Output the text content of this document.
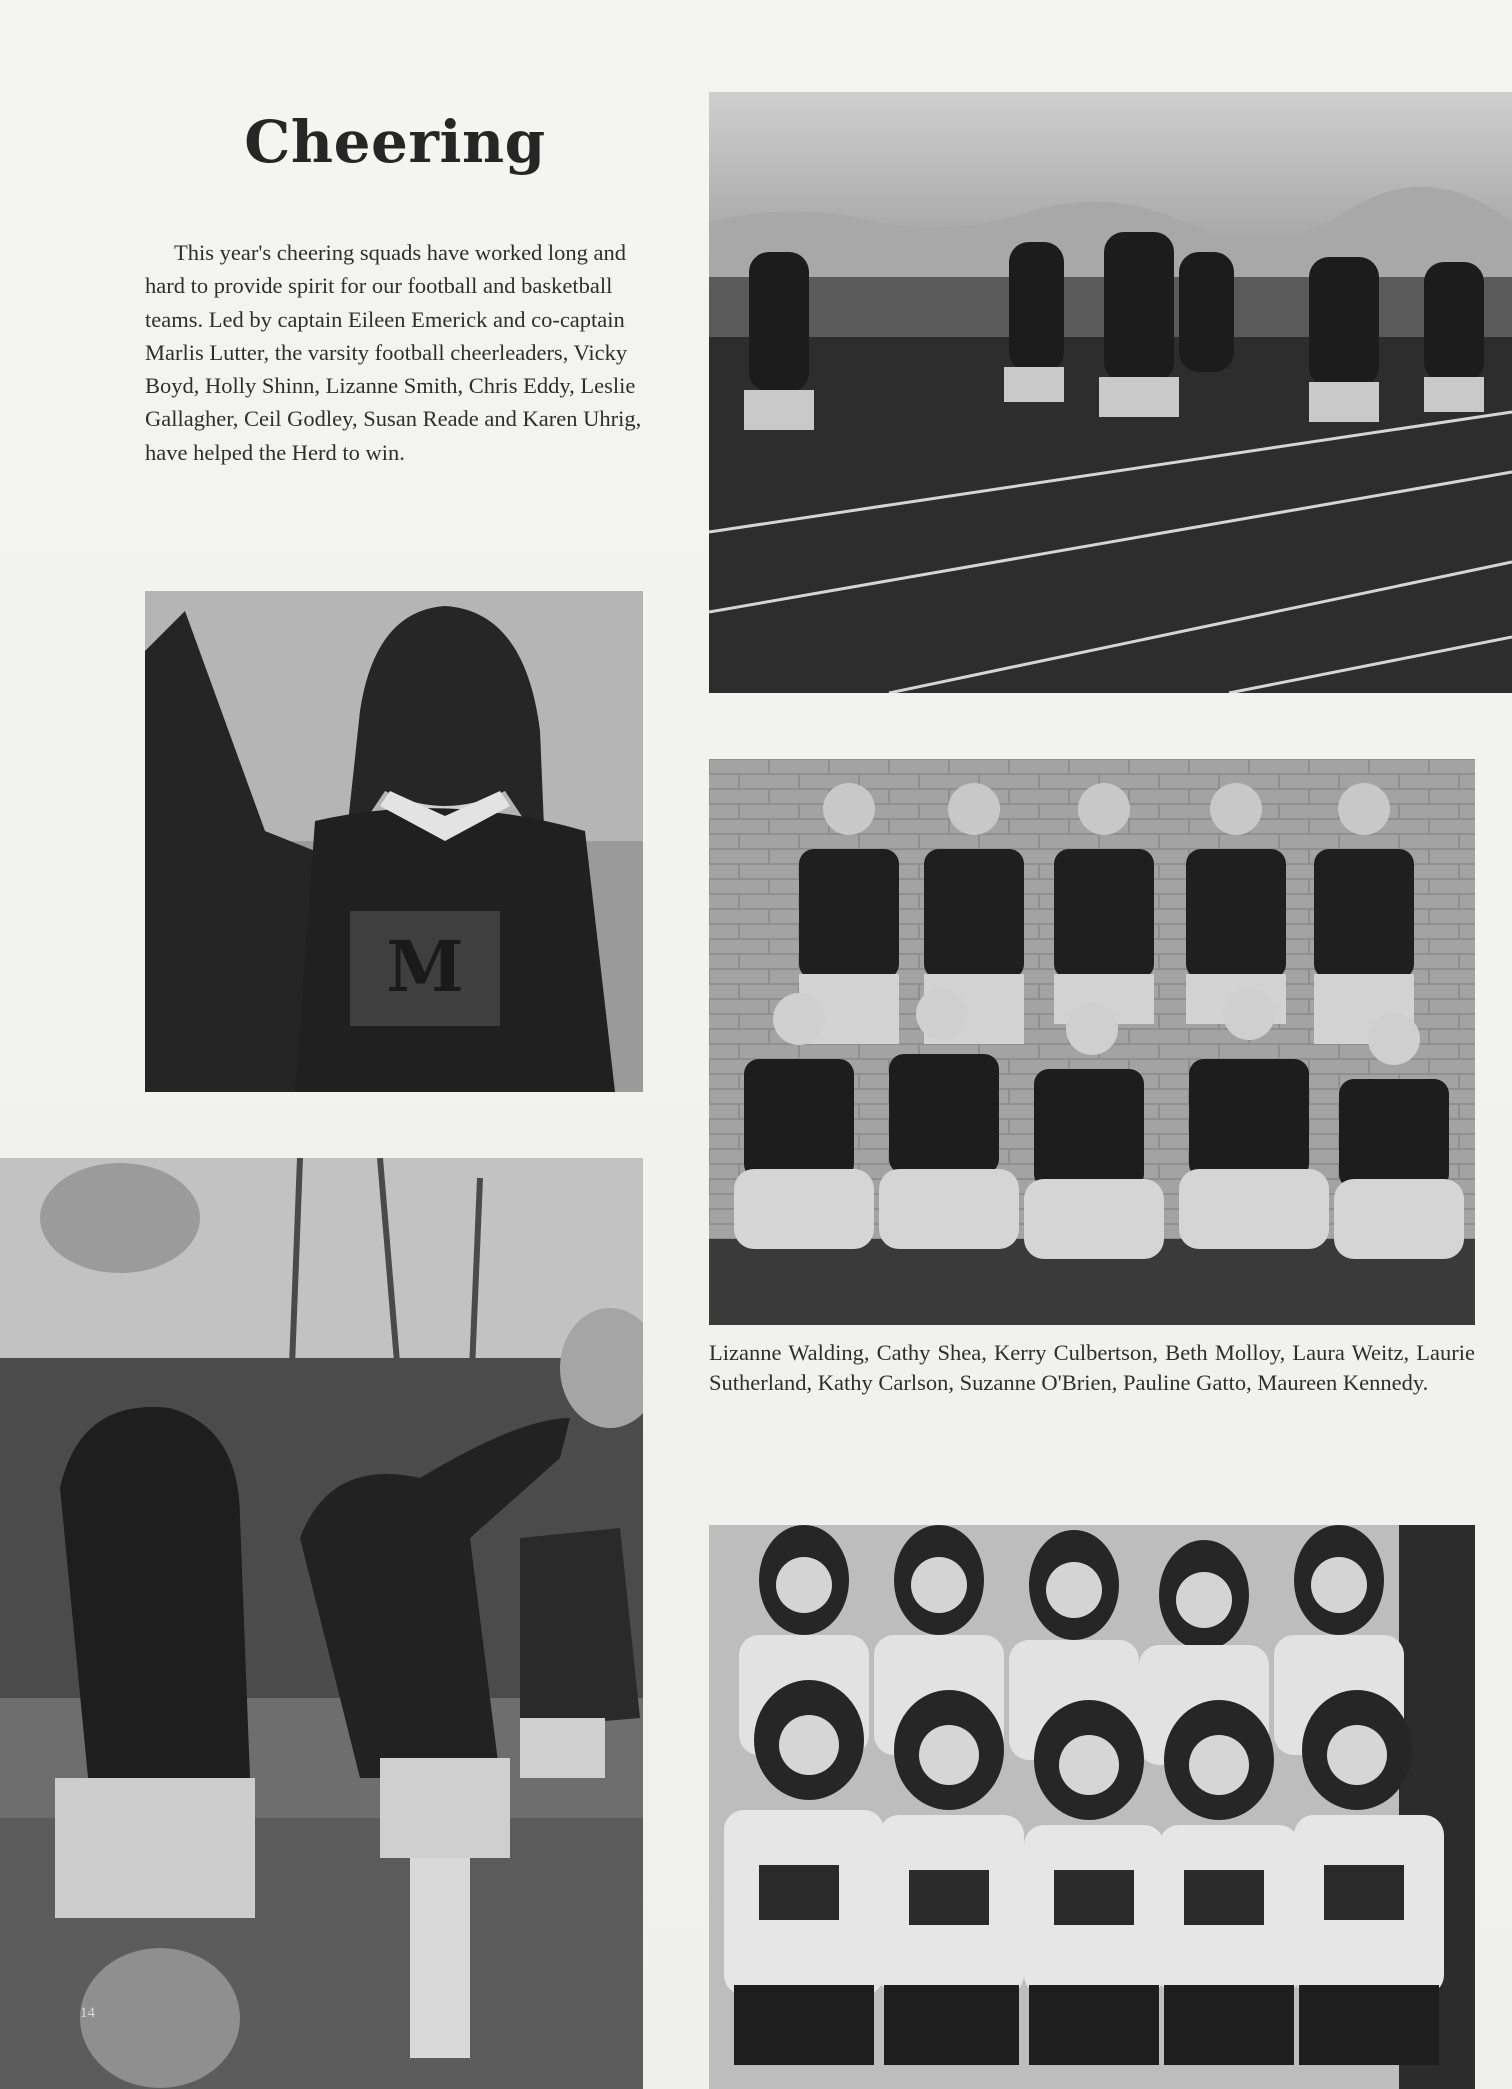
Cheering
This year's cheering squads have worked long and hard to provide spirit for our football and basketball teams. Led by captain Eileen Emerick and co-captain Marlis Lutter, the varsity football cheerleaders, Vicky Boyd, Holly Shinn, Lizanne Smith, Chris Eddy, Leslie Gallagher, Ceil Godley, Susan Reade and Karen Uhrig, have helped the Herd to win.
M
Lizanne Walding, Cathy Shea, Kerry Culbertson, Beth Molloy, Laura Weitz, Laurie Sutherland, Kathy Carlson, Suzanne O'Brien, Pauline Gatto, Maureen Kennedy.
14
